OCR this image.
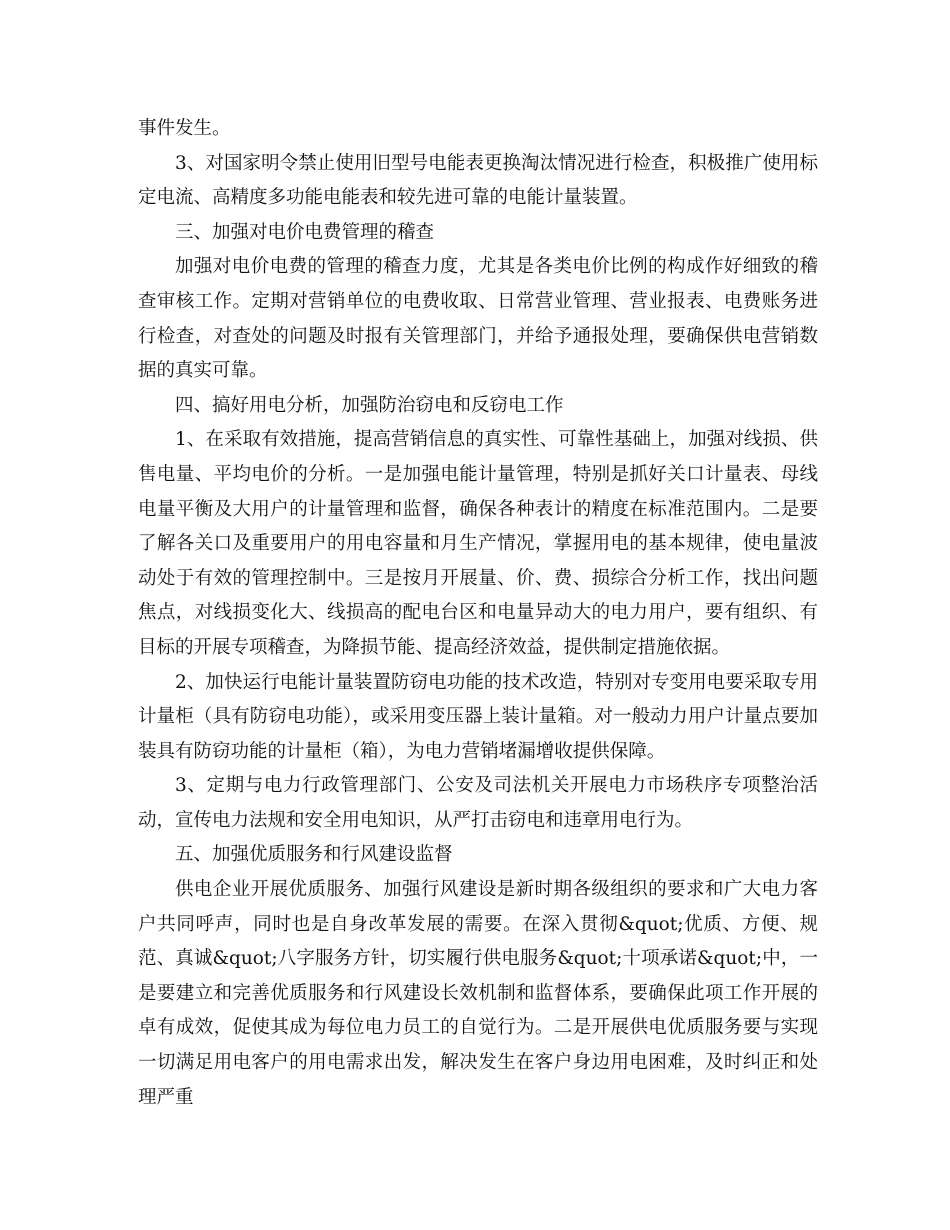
事件发生。

3、对国家明令禁止使用旧型号电能表更换淘汰情况进行检查，积极推广使用标定电流、高精度多功能电能表和较先进可靠的电能计量装置。

三、加强对电价电费管理的稽查

加强对电价电费的管理的稽查力度，尤其是各类电价比例的构成作好细致的稽查审核工作。定期对营销单位的电费收取、日常营业管理、营业报表、电费账务进行检查，对查处的问题及时报有关管理部门，并给予通报处理，要确保供电营销数据的真实可靠。

四、搞好用电分析，加强防治窃电和反窃电工作

1、在采取有效措施，提高营销信息的真实性、可靠性基础上，加强对线损、供售电量、平均电价的分析。一是加强电能计量管理，特别是抓好关口计量表、母线电量平衡及大用户的计量管理和监督，确保各种表计的精度在标准范围内。二是要了解各关口及重要用户的用电容量和月生产情况，掌握用电的基本规律，使电量波动处于有效的管理控制中。三是按月开展量、价、费、损综合分析工作，找出问题焦点，对线损变化大、线损高的配电台区和电量异动大的电力用户，要有组织、有目标的开展专项稽查，为降损节能、提高经济效益，提供制定措施依据。

2、加快运行电能计量装置防窃电功能的技术改造，特别对专变用电要采取专用计量柜（具有防窃电功能），或采用变压器上装计量箱。对一般动力用户计量点要加装具有防窃功能的计量柜（箱），为电力营销堵漏增收提供保障。

3、定期与电力行政管理部门、公安及司法机关开展电力市场秩序专项整治活动，宣传电力法规和安全用电知识，从严打击窃电和违章用电行为。

五、加强优质服务和行风建设监督

供电企业开展优质服务、加强行风建设是新时期各级组织的要求和广大电力客户共同呼声，同时也是自身改革发展的需要。在深入贯彻&quot;优质、方便、规范、真诚&quot;八字服务方针，切实履行供电服务&quot;十项承诺&quot;中，一是要建立和完善优质服务和行风建设长效机制和监督体系，要确保此项工作开展的卓有成效，促使其成为每位电力员工的自觉行为。二是开展供电优质服务要与实现一切满足用电客户的用电需求出发，解决发生在客户身边用电困难，及时纠正和处理严重
